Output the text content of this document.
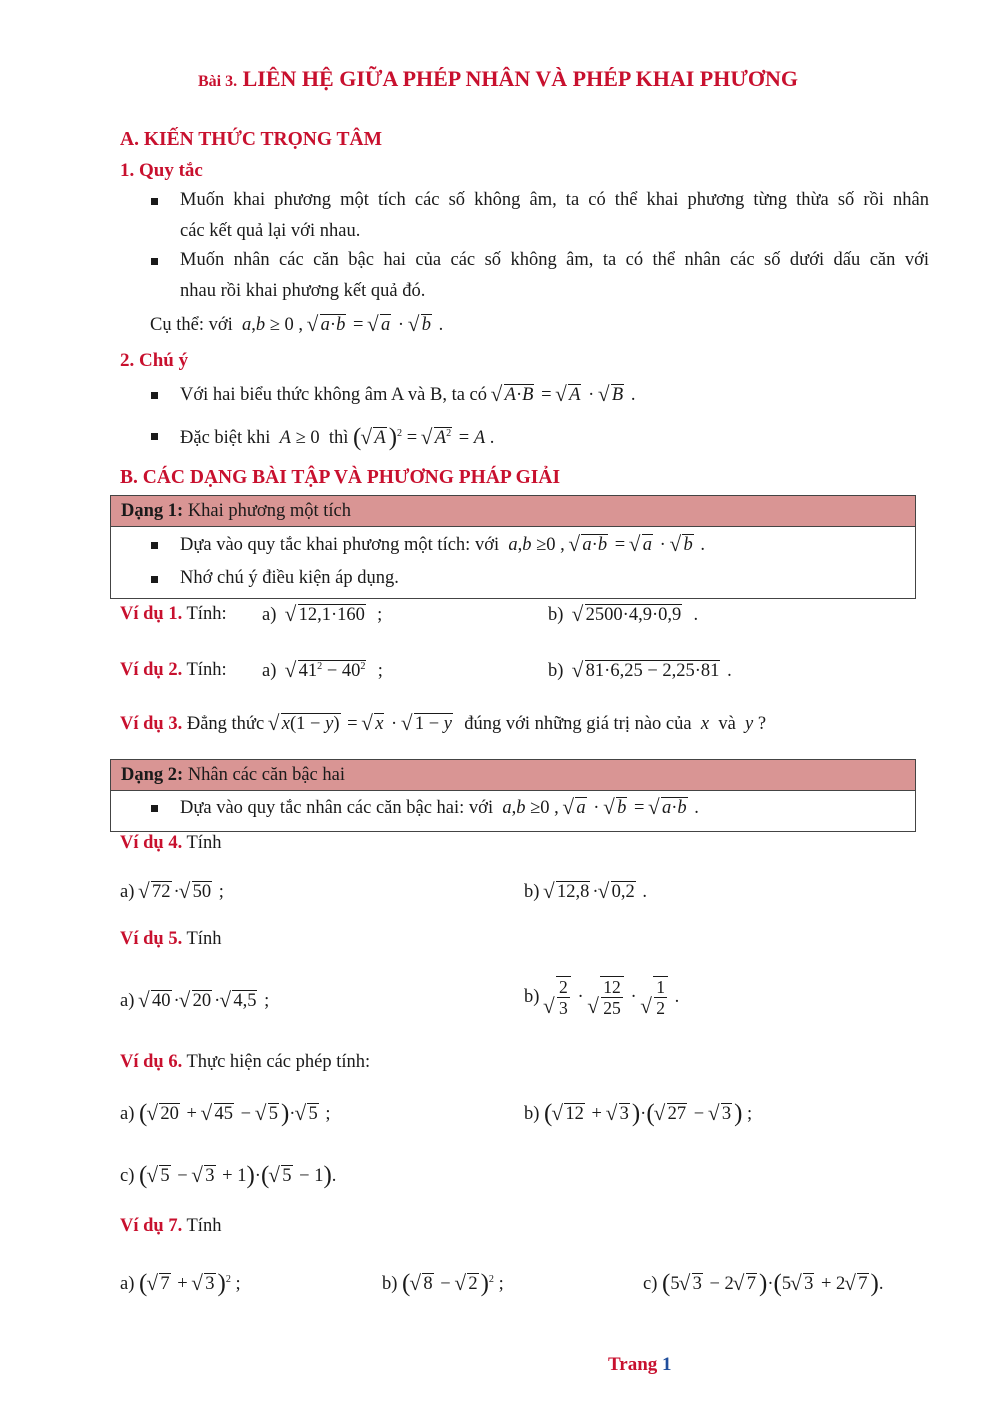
Bài 3. LIÊN HỆ GIỮA PHÉP NHÂN VÀ PHÉP KHAI PHƯƠNG
A. KIẾN THỨC TRỌNG TÂM
1. Quy tắc
Muốn khai phương một tích các số không âm, ta có thể khai phương từng thừa số rồi nhân
các kết quả lại với nhau.
Muốn nhân các căn bậc hai của các số không âm, ta có thể nhân các số dưới dấu căn với
nhau rồi khai phương kết quả đó.
Cụ thể: với  a,b ≥ 0 , √ a·b = √ a · √ b .
2. Chú ý
Với hai biểu thức không âm A và B, ta có √ A·B = √ A · √ B .
Đặc biệt khi  A ≥ 0  thì ( √ A )$^2$ = √ $A^2 = A$ .
B. CÁC DẠNG BÀI TẬP VÀ PHƯƠNG PHÁP GIẢI
Dạng 1: Khai phương một tích
Dựa vào quy tắc khai phương một tích: với  a,b ≥0 , √ a·b = √ a · √ b .
Nhớ chú ý điều kiện áp dụng.
Ví dụ 1. Tính: a)  √ 12,1·160  ;	b)  √ 2500·4,9·0,9  .
Ví dụ 2. Tính: a)  √ $41^2 - 40^2$  ;	b)  √ 81·6,25 − 2,25·81 .
Ví dụ 3. Đẳng thức √ x(1 − y) = √ x · √ 1 − y đúng với những giá trị nào của  x  và  y ?
Dạng 2: Nhân các căn bậc hai
Dựa vào quy tắc nhân các căn bậc hai: với  a,b ≥0 , √ a · √ b = √ a·b .
Ví dụ 4. Tính
a) √ 72 · √ 50 ;	b) √ 12,8 · √ 0,2 .
Ví dụ 5. Tính
a) √ 40 · √ 20 · √ 4,5 ;	b) √ $\frac{2}{3}$ · √ $\frac{12}{25}$ · √ $\frac{1}{2}$ .
Ví dụ 6. Thực hiện các phép tính:
a) ( √ 20 + √ 45 − √ 5 )· √ 5 ;	b) ( √ 12 + √ 3 )·( √ 27 − √ 3 ) ;
c) ( √ 5 − √ 3 + 1)·( √ 5 − 1).
Ví dụ 7. Tính
a) ( √ 7 + √ 3 )$^2$ ;	b) ( √ 8 − √ 2 )$^2$ ;	c) (5 √ 3 − 2 √ 7 )·(5 √ 3 + 2 √ 7 ).
Trang 1
